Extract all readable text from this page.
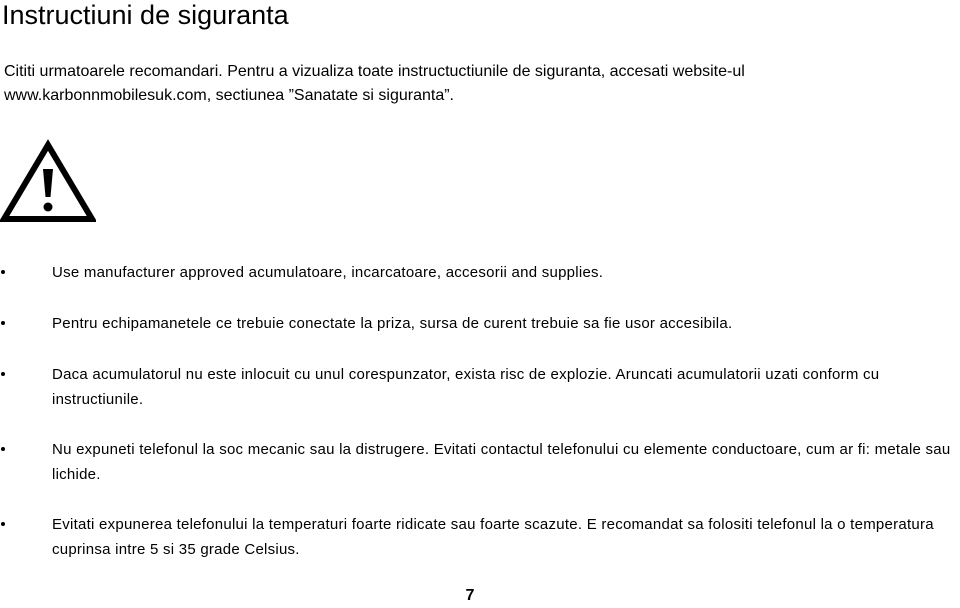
Instructiuni de siguranta

Cititi urmatoarele recomandari. Pentru a vizualiza toate instructuctiunile de siguranta, accesati website-ul

www.karbonnmobilesuk.com, sectiunea ”Sanatate si siguranta”.

Use manufacturer approved acumulatoare, incarcatoare, accesorii and supplies.
Pentru echipamanetele ce trebuie conectate la priza, sursa de curent trebuie sa fie usor accesibila.
Daca acumulatorul nu este inlocuit cu unul corespunzator, exista risc de explozie. Aruncati acumulatorii uzati conform cu instructiunile.
Nu expuneti telefonul la soc mecanic sau la distrugere. Evitati contactul telefonului cu elemente conductoare, cum ar fi: metale sau lichide.
Evitati expunerea telefonului la temperaturi foarte ridicate sau foarte scazute. E recomandat sa folositi telefonul la o temperatura cuprinsa intre 5 si 35 grade Celsius.
7
